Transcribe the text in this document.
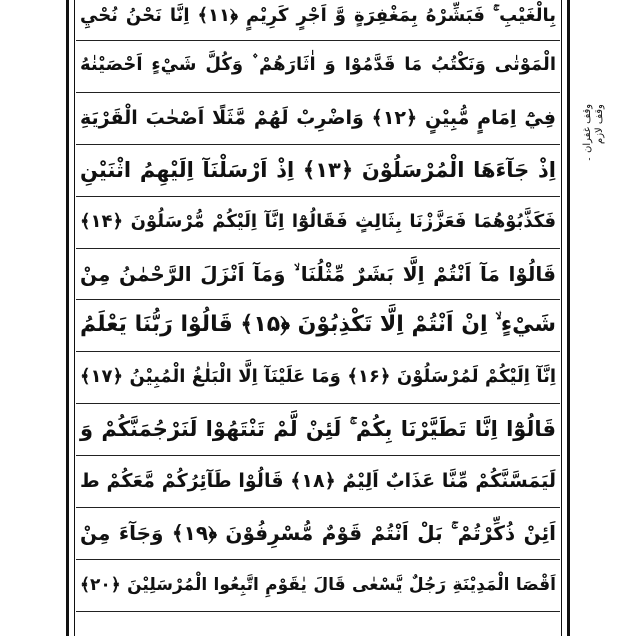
بِالْغَيْبِ ۚ فَبَشِّرْهُ بِمَغْفِرَةٍ وَّ اَجْرٍ كَرِيْمٍ ﴿۱۱﴾ اِنَّا نَحْنُ نُحْيِ
الْمَوْتٰى وَنَكْتُبُ مَا قَدَّمُوْا وَ اٰثَارَهُمْ ۫ وَكُلَّ شَيْءٍ اَحْصَيْنٰهُ
فِيْٓ اِمَامٍ مُّبِيْنٍ ﴿۱۲﴾ وَاضْرِبْ لَهُمْ مَّثَلًا اَصْحٰبَ الْقَرْيَةِ
اِذْ جَآءَهَا الْمُرْسَلُوْنَ ﴿۱۳﴾ اِذْ اَرْسَلْنَآ اِلَيْهِمُ اثْنَيْنِ
فَكَذَّبُوْهُمَا فَعَزَّزْنَا بِثَالِثٍ فَقَالُوْٓا اِنَّآ اِلَيْكُمْ مُّرْسَلُوْنَ ﴿۱۴﴾
قَالُوْا مَآ اَنْتُمْ اِلَّا بَشَرٌ مِّثْلُنَا ۙ وَمَآ اَنْزَلَ الرَّحْمٰنُ مِنْ
شَيْءٍ ۙ اِنْ اَنْتُمْ اِلَّا تَكْذِبُوْنَ ﴿۱۵﴾ قَالُوْا رَبُّنَا يَعْلَمُ
اِنَّآ اِلَيْكُمْ لَمُرْسَلُوْنَ ﴿۱۶﴾ وَمَا عَلَيْنَآ اِلَّا الْبَلٰغُ الْمُبِيْنُ ﴿۱۷﴾
قَالُوْٓا اِنَّا تَطَيَّرْنَا بِكُمْ ۚ لَئِنْ لَّمْ تَنْتَهُوْا لَنَرْجُمَنَّكُمْ وَ
لَيَمَسَّنَّكُمْ مِّنَّا عَذَابٌ اَلِيْمٌ ﴿۱۸﴾ قَالُوْا طَآئِرُكُمْ مَّعَكُمْ ط
اَئِنْ ذُكِّرْتُمْ ۚ بَلْ اَنْتُمْ قَوْمٌ مُّسْرِفُوْنَ ﴿۱۹﴾ وَجَآءَ مِنْ
اَقْصَا الْمَدِيْنَةِ رَجُلٌ يَّسْعٰى قَالَ يٰقَوْمِ اتَّبِعُوا الْمُرْسَلِيْنَ ﴿۲۰﴾
وقف غفران ۔ وقف لازم
